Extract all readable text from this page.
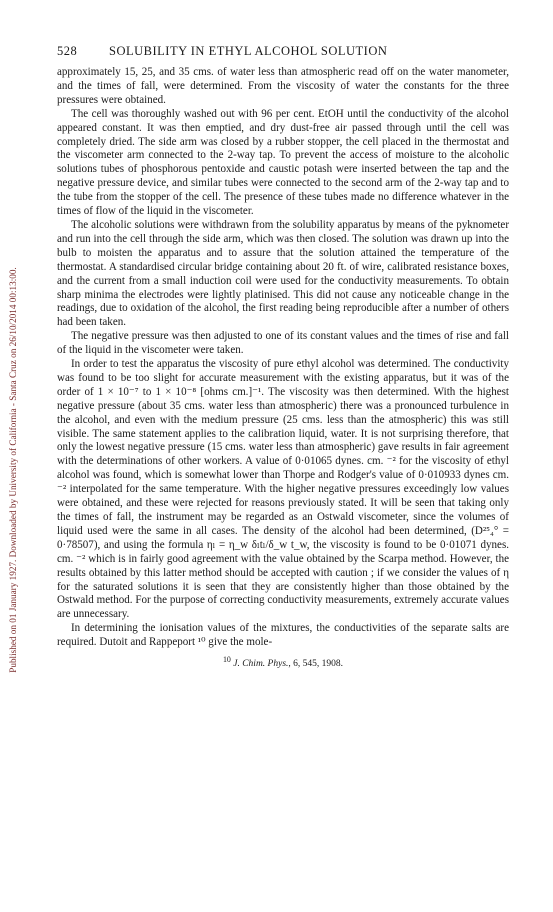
Published on 01 January 1927. Downloaded by University of California - Santa Cruz on 26/10/2014 00:13:00.
528	SOLUBILITY IN ETHYL ALCOHOL SOLUTION

approximately 15, 25, and 35 cms. of water less than atmospheric read off on the water manometer, and the times of fall, were determined. From the viscosity of water the constants for the three pressures were obtained.

The cell was thoroughly washed out with 96 per cent. EtOH until the conductivity of the alcohol appeared constant. It was then emptied, and dry dust-free air passed through until the cell was completely dried. The side arm was closed by a rubber stopper, the cell placed in the thermostat and the viscometer arm connected to the 2-way tap. To prevent the access of moisture to the alcoholic solutions tubes of phosphorous pentoxide and caustic potash were inserted between the tap and the negative pressure device, and similar tubes were connected to the second arm of the 2-way tap and to the tube from the stopper of the cell. The presence of these tubes made no difference whatever in the times of flow of the liquid in the viscometer.

The alcoholic solutions were withdrawn from the solubility apparatus by means of the pyknometer and run into the cell through the side arm, which was then closed. The solution was drawn up into the bulb to moisten the apparatus and to assure that the solution attained the temperature of the thermostat. A standardised circular bridge containing about 20 ft. of wire, calibrated resistance boxes, and the current from a small induction coil were used for the conductivity measurements. To obtain sharp minima the electrodes were lightly platinised. This did not cause any noticeable change in the readings, due to oxidation of the alcohol, the first reading being reproducible after a number of others had been taken.

The negative pressure was then adjusted to one of its constant values and the times of rise and fall of the liquid in the viscometer were taken.

In order to test the apparatus the viscosity of pure ethyl alcohol was determined. The conductivity was found to be too slight for accurate measurement with the existing apparatus, but it was of the order of 1 × 10⁻⁷ to 1 × 10⁻⁸ [ohms cm.]⁻¹. The viscosity was then determined. With the highest negative pressure (about 35 cms. water less than atmospheric) there was a pronounced turbulence in the alcohol, and even with the medium pressure (25 cms. less than the atmospheric) this was still visible. The same statement applies to the calibration liquid, water. It is not surprising therefore, that only the lowest negative pressure (15 cms. water less than atmospheric) gave results in fair agreement with the determinations of other workers. A value of 0·01065 dynes. cm. ⁻² for the viscosity of ethyl alcohol was found, which is somewhat lower than Thorpe and Rodger's value of 0·010933 dynes cm. ⁻² interpolated for the same temperature. With the higher negative pressures exceedingly low values were obtained, and these were rejected for reasons previously stated. It will be seen that taking only the times of fall, the instrument may be regarded as an Ostwald viscometer, since the volumes of liquid used were the same in all cases. The density of the alcohol had been determined, (D²⁵₄° = 0·78507), and using the formula ηₗ = η_w δₗtₗ/δ_w t_w, the viscosity is found to be 0·01071 dynes. cm. ⁻² which is in fairly good agreement with the value obtained by the Scarpa method. However, the results obtained by this latter method should be accepted with caution ; if we consider the values of η for the saturated solutions it is seen that they are consistently higher than those obtained by the Ostwald method. For the purpose of correcting conductivity measurements, extremely accurate values are unnecessary.

In determining the ionisation values of the mixtures, the conductivities of the separate salts are required. Dutoit and Rappeport ¹⁰ give the mole-

$^{10}$ J. Chim. Phys., 6, 545, 1908.
